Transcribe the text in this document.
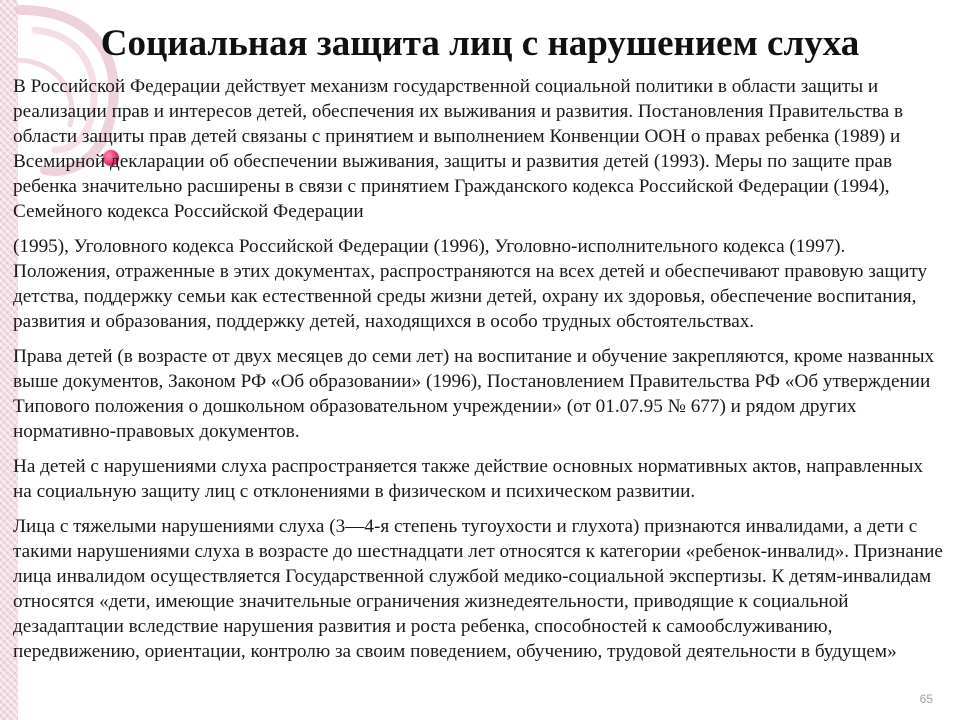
Социальная защита лиц с нарушением слуха

В Российской Федерации действует механизм государственной социальной политики в области защиты и реализации прав и интересов детей, обеспечения их выживания и развития. Постановления Правительства в области защиты прав детей связаны с принятием и выполнением Конвенции ООН о правах ребенка (1989) и Всемирной декларации об обеспечении выживания, защиты и развития детей (1993). Меры по защите прав ребенка значительно расширены в связи с принятием Гражданского кодекса Российской Федерации (1994), Семейного кодекса Российской Федерации

(1995), Уголовного кодекса Российской Федерации (1996), Уголовно-исполнительного кодекса (1997). Положения, отраженные в этих документах, распространяются на всех детей и обеспечивают правовую защиту детства, поддержку семьи как естественной среды жизни детей, охрану их здоровья, обеспечение воспитания, развития и образования, поддержку детей, находящихся в особо трудных обстоятельствах.

Права детей (в возрасте от двух месяцев до семи лет) на воспитание и обучение закрепляются, кроме названных выше документов, Законом РФ «Об образовании» (1996), Постановлением Правительства РФ «Об утверждении Типового положения о дошкольном образовательном учреждении» (от 01.07.95 № 677) и рядом других нормативно-правовых документов.

На детей с нарушениями слуха распространяется также действие основных нормативных актов, направленных на социальную защиту лиц с отклонениями в физическом и психическом развитии.

Лица с тяжелыми нарушениями слуха (3—4-я степень тугоухости и глухота) признаются инвалидами, а дети с такими нарушениями слуха в возрасте до шестнадцати лет относятся к категории «ребенок-инвалид». Признание лица инвалидом осуществляется Государственной службой медико-социальной экспертизы. К детям-инвалидам относятся «дети, имеющие значительные ограничения жизнедеятельности, приводящие к социальной дезадаптации вследствие нарушения развития и роста ребенка, способностей к самообслуживанию, передвижению, ориентации, контролю за своим поведением, обучению, трудовой деятельности в будущем»

65
